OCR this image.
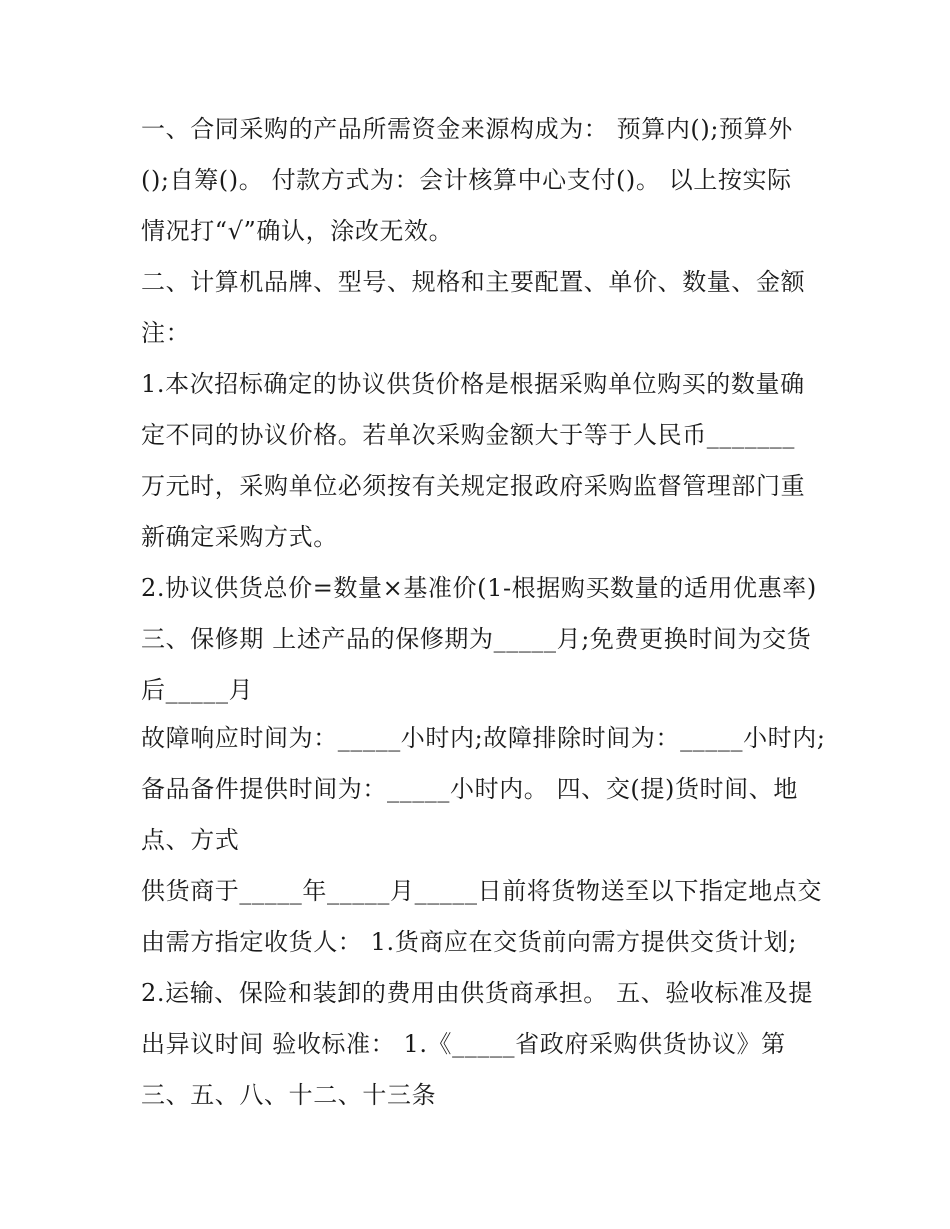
一、合同采购的产品所需资金来源构成为： 预算内();预算外
();自筹()。 付款方式为：会计核算中心支付()。 以上按实际
情况打“√”确认，涂改无效。
二、计算机品牌、型号、规格和主要配置、单价、数量、金额
注：
1.本次招标确定的协议供货价格是根据采购单位购买的数量确
定不同的协议价格。若单次采购金额大于等于人民币_______
万元时，采购单位必须按有关规定报政府采购监督管理部门重
新确定采购方式。
2.协议供货总价=数量×基准价(1-根据购买数量的适用优惠率)
三、保修期 上述产品的保修期为_____月;免费更换时间为交货
后_____月
故障响应时间为：_____小时内;故障排除时间为：_____小时内;
备品备件提供时间为：_____小时内。 四、交(提)货时间、地
点、方式
供货商于_____年_____月_____日前将货物送至以下指定地点交
由需方指定收货人： 1.货商应在交货前向需方提供交货计划;
2.运输、保险和装卸的费用由供货商承担。 五、验收标准及提
出异议时间 验收标准： 1.《_____省政府采购供货协议》第
三、五、八、十二、十三条
